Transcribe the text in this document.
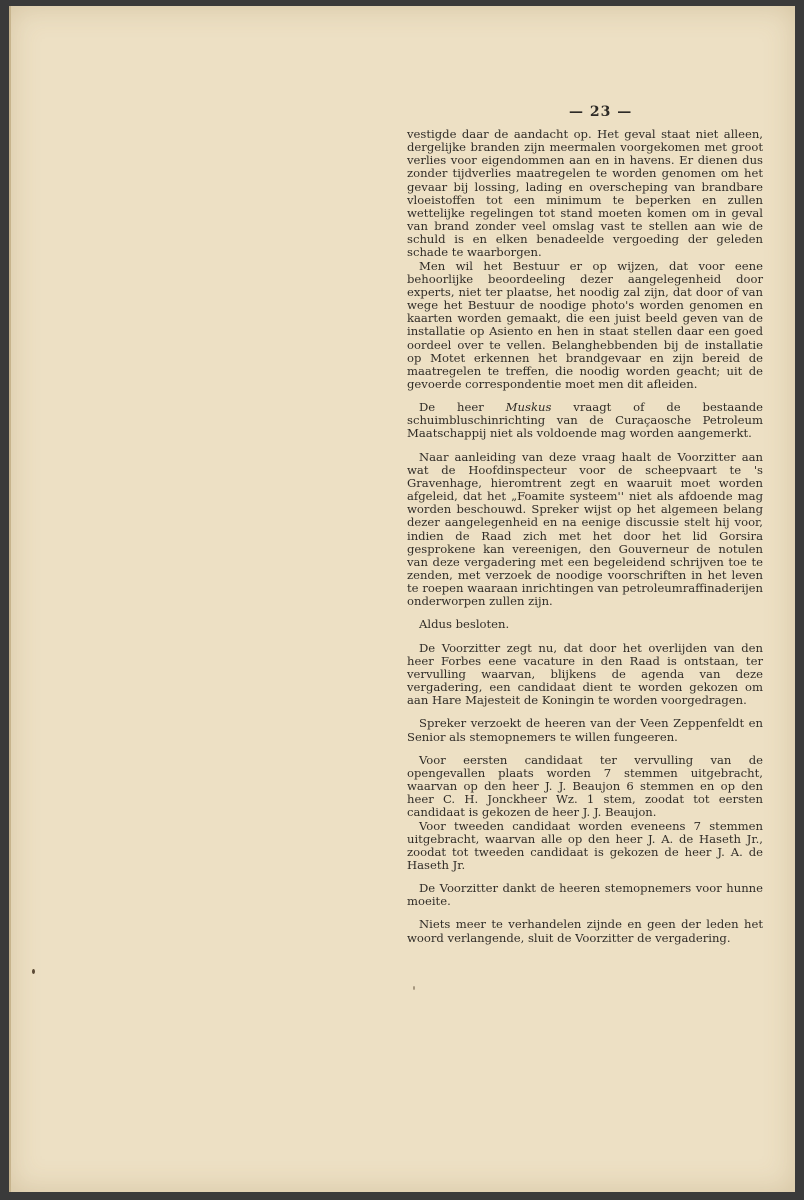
— 23 —

vestigde daar de aandacht op. Het geval staat niet alleen, dergelijke branden zijn meermalen voorgekomen met groot verlies voor eigendommen aan en in havens. Er dienen dus zonder tijdverlies maatregelen te worden genomen om het gevaar bij lossing, lading en overscheping van brandbare vloeistoffen tot een minimum te beperken en zullen wettelijke regelingen tot stand moeten komen om in geval van brand zonder veel omslag vast te stellen aan wie de schuld is en elken benadeelde vergoeding der geleden schade te waarborgen.

Men wil het Bestuur er op wijzen, dat voor eene behoorlijke beoordeeling dezer aangelegenheid door experts, niet ter plaatse, het noodig zal zijn, dat door of van wege het Bestuur de noodige photo's worden genomen en kaarten worden gemaakt, die een juist beeld geven van de installatie op Asiento en hen in staat stellen daar een goed oordeel over te vellen. Belanghebbenden bij de installatie op Motet erkennen het brandgevaar en zijn bereid de maatregelen te treffen, die noodig worden geacht; uit de gevoerde correspondentie moet men dit afleiden.

De heer Muskus vraagt of de bestaande schuimbluschinrichting van de Curaçaosche Petroleum Maatschappij niet als voldoende mag worden aangemerkt.

Naar aanleiding van deze vraag haalt de Voorzitter aan wat de Hoofdinspecteur voor de scheepvaart te 's Gravenhage, hieromtrent zegt en waaruit moet worden afgeleid, dat het „Foamite systeem'' niet als afdoende mag worden beschouwd. Spreker wijst op het algemeen belang dezer aangelegenheid en na eenige discussie stelt hij voor, indien de Raad zich met het door het lid Gorsira gesprokene kan vereenigen, den Gouverneur de notulen van deze vergadering met een begeleidend schrijven toe te zenden, met verzoek de noodige voorschriften in het leven te roepen waaraan inrichtingen van petroleumraffinaderijen onderworpen zullen zijn.

Aldus besloten.

De Voorzitter zegt nu, dat door het overlijden van den heer Forbes eene vacature in den Raad is ontstaan, ter vervulling waarvan, blijkens de agenda van deze vergadering, een candidaat dient te worden gekozen om aan Hare Majesteit de Koningin te worden voorgedragen.

Spreker verzoekt de heeren van der Veen Zeppenfeldt en Senior als stemopnemers te willen fungeeren.

Voor eersten candidaat ter vervulling van de opengevallen plaats worden 7 stemmen uitgebracht, waarvan op den heer J. J. Beaujon 6 stemmen en op den heer C. H. Jonckheer Wz. 1 stem, zoodat tot eersten candidaat is gekozen de heer J. J. Beaujon.

Voor tweeden candidaat worden eveneens 7 stemmen uitgebracht, waarvan alle op den heer J. A. de Haseth Jr., zoodat tot tweeden candidaat is gekozen de heer J. A. de Haseth Jr.

De Voorzitter dankt de heeren stemopnemers voor hunne moeite.

Niets meer te verhandelen zijnde en geen der leden het woord verlangende, sluit de Voorzitter de vergadering.
